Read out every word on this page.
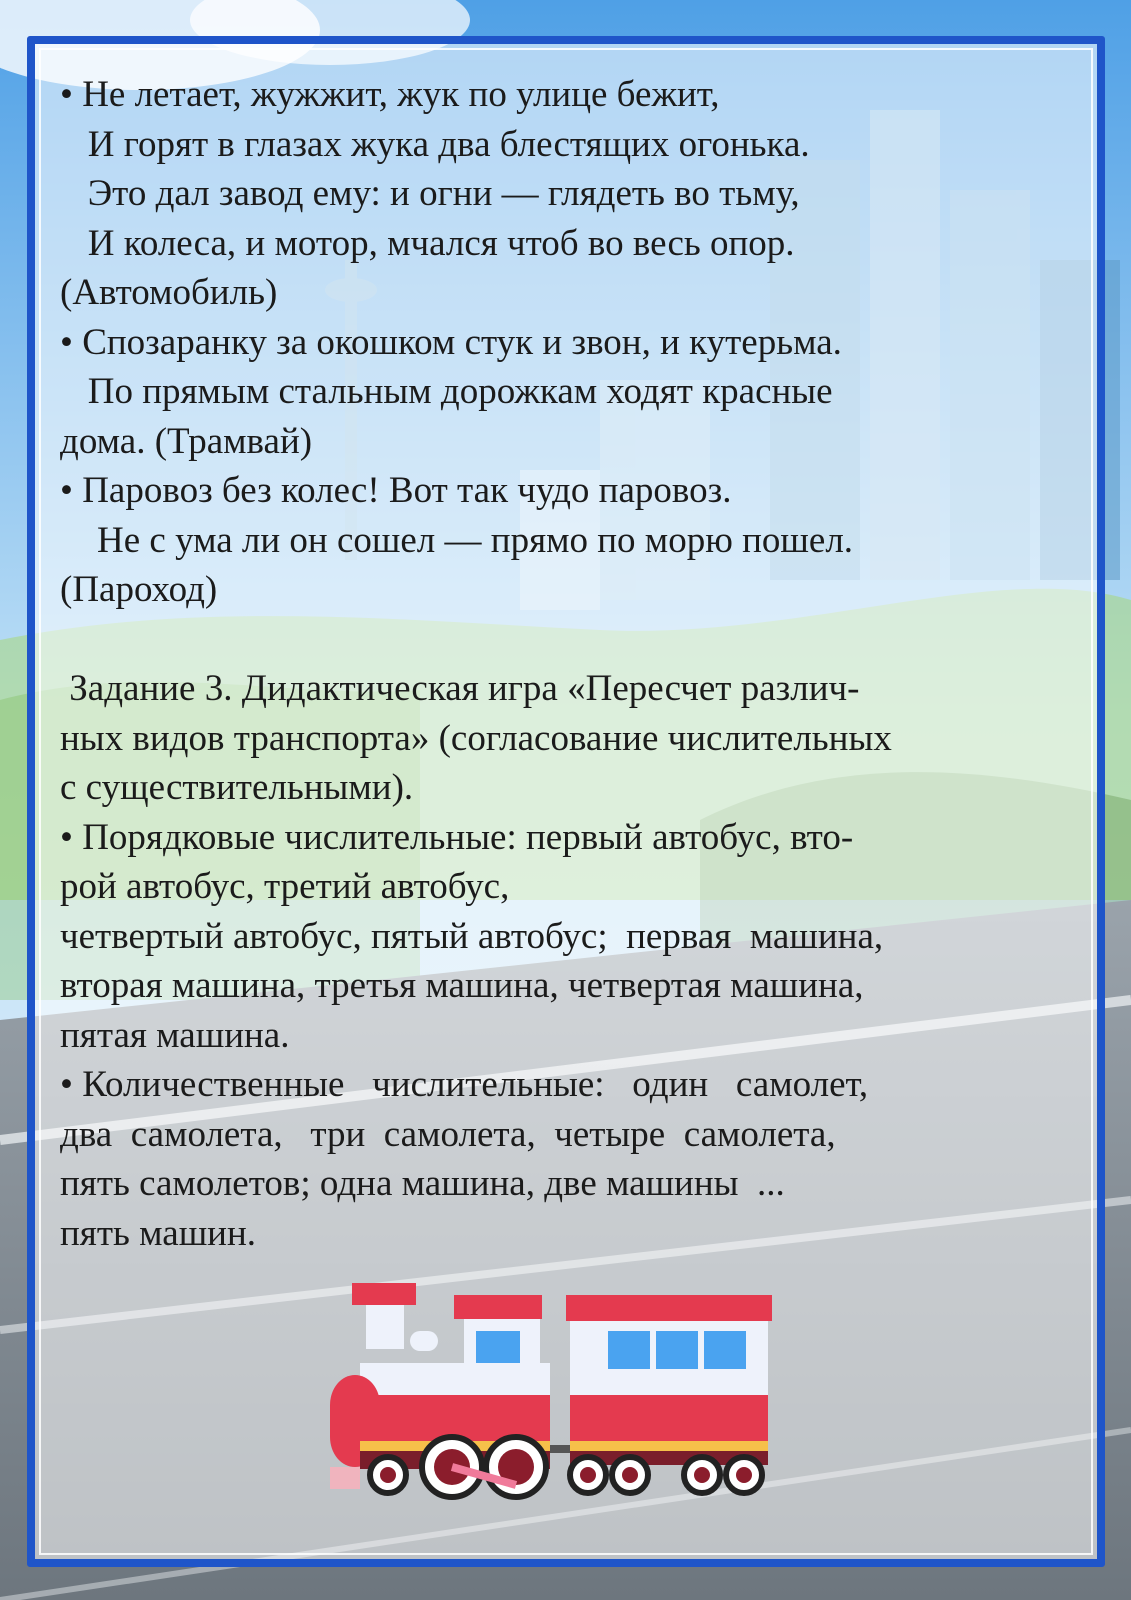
• Не летает, жужжит, жук по улице бежит,
И горят в глазах жука два блестящих огонька.
Это дал завод ему: и огни — глядеть во тьму,
И колеса, и мотор, мчался чтоб во весь опор.
(Автомобиль)
• Спозаранку за окошком стук и звон, и кутерьма.
По прямым стальным дорожкам ходят красные
дома. (Трамвай)
• Паровоз без колес! Вот так чудо паровоз.
Не с ума ли он сошел — прямо по морю пошел.
(Пароход)
Задание 3. Дидактическая игра «Пересчет различ-
ных видов транспорта» (согласование числительных
с существительными).
• Порядковые числительные: первый автобус, вто-
рой автобус, третий автобус,
четвертый автобус, пятый автобус;  первая  машина,
вторая машина, третья машина, четвертая машина,
пятая машина.
• Количественные   числительные:   один   самолет,
два  самолета,   три  самолета,  четыре  самолета,
пять самолетов; одна машина, две машины  ...
пять машин.
